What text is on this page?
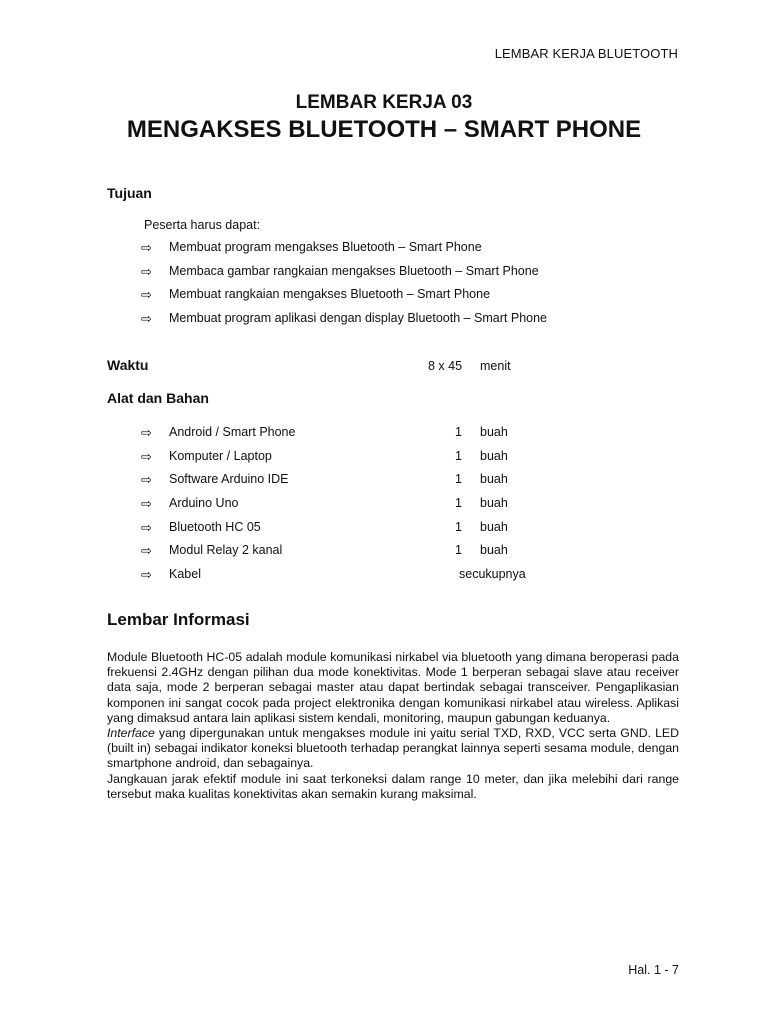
LEMBAR KERJA BLUETOOTH
LEMBAR KERJA 03
MENGAKSES BLUETOOTH – SMART PHONE
Tujuan
Peserta harus dapat:
⇨	Membuat program mengakses Bluetooth – Smart Phone
⇨	Membaca gambar rangkaian mengakses Bluetooth – Smart Phone
⇨	Membuat rangkaian mengakses Bluetooth – Smart Phone
⇨	Membuat program aplikasi dengan display Bluetooth – Smart Phone
Waktu	8 x 45 menit
Alat dan Bahan
⇨	Android / Smart Phone	1 buah
⇨	Komputer / Laptop	1 buah
⇨	Software Arduino IDE	1 buah
⇨	Arduino Uno	1 buah
⇨	Bluetooth HC 05	1 buah
⇨	Modul Relay 2 kanal	1 buah
⇨	Kabel	secukupnya
Lembar Informasi

Module Bluetooth HC-05 adalah module komunikasi nirkabel via bluetooth yang dimana beroperasi pada frekuensi 2.4GHz dengan pilihan dua mode konektivitas. Mode 1 berperan sebagai slave atau receiver data saja, mode 2 berperan sebagai master atau dapat bertindak sebagai transceiver. Pengaplikasian komponen ini sangat cocok pada project elektronika dengan komunikasi nirkabel atau wireless. Aplikasi yang dimaksud antara lain aplikasi sistem kendali, monitoring, maupun gabungan keduanya.

Interface yang dipergunakan untuk mengakses module ini yaitu serial TXD, RXD, VCC serta GND. LED (built in) sebagai indikator koneksi bluetooth terhadap perangkat lainnya seperti sesama module, dengan smartphone android, dan sebagainya.

Jangkauan jarak efektif module ini saat terkoneksi dalam range 10 meter, dan jika melebihi dari range tersebut maka kualitas konektivitas akan semakin kurang maksimal.

Hal. 1 - 7
